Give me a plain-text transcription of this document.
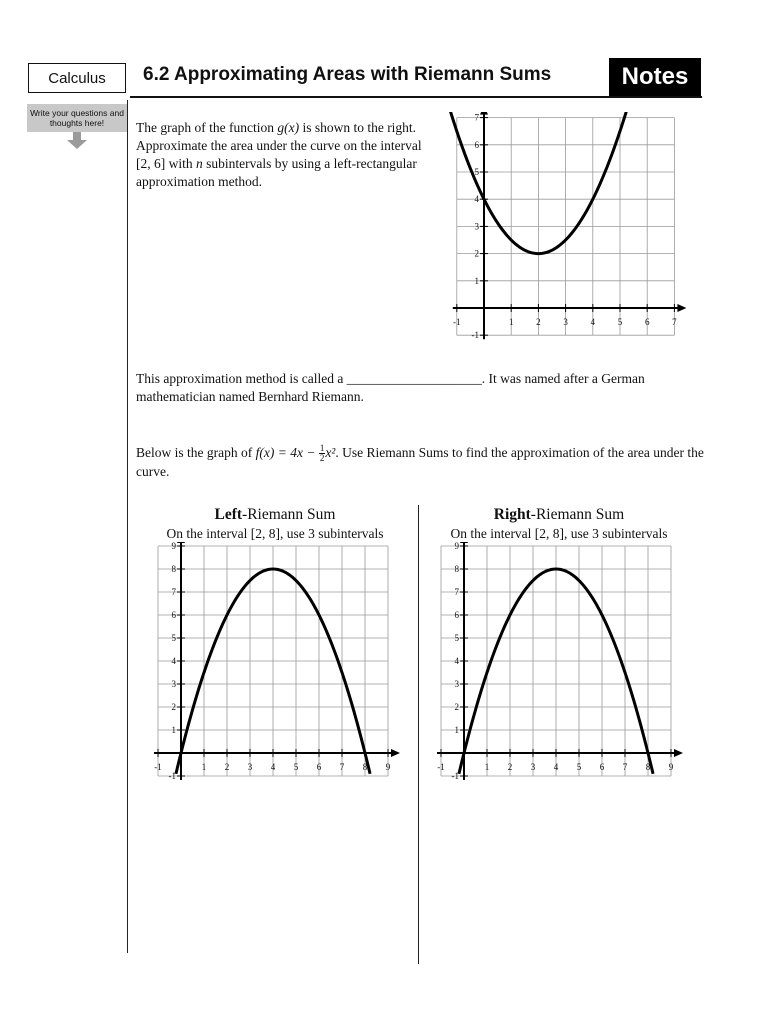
Calculus	6.2 Approximating Areas with Riemann Sums	Notes
Write your questions and thoughts here!	The graph of the function g(x) is shown to the right. Approximate the area under the curve on the interval [2, 6] with n subintervals by using a left-rectangular approximation method.
This approximation method is called a ____________________. It was named after a German mathematician named Bernhard Riemann.
Below is the graph of $f(x) = 4x - \frac{1}{2} x^2$. Use Riemann Sums to find the approximation of the area under the curve.
Left-Riemann Sum
On the interval [2, 8], use 3 subintervals
Right-Riemann Sum
On the interval [2, 8], use 3 subintervals
-1	1	2	3	4	5	6	7
-1
1
2
3
4
5
6
7
-1	1 2 3 4 5 6 7 8 9
-1
1
2
3
4
5
6
7
8
9
-1	1 2 3 4 5 6 7 8 9
-1
1
2
3
4
5
6
7
8
9
